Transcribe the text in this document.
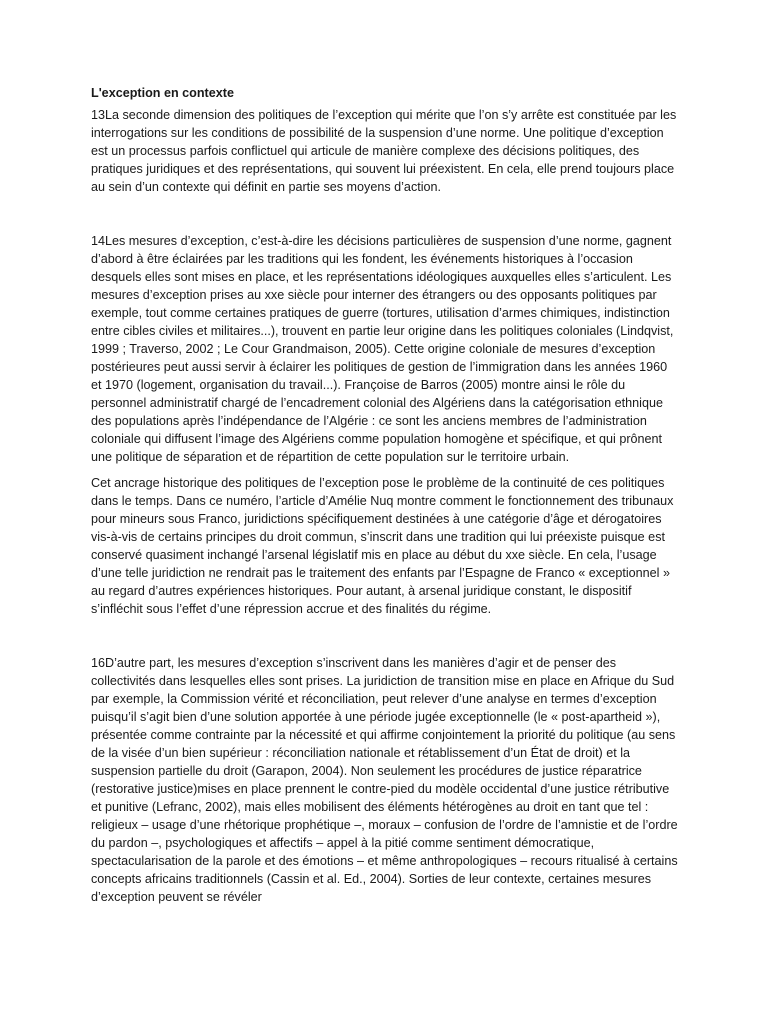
L'exception en contexte

13La seconde dimension des politiques de l’exception qui mérite que l’on s’y arrête est constituée par les interrogations sur les conditions de possibilité de la suspension d’une norme. Une politique d’exception est un processus parfois conflictuel qui articule de manière complexe des décisions politiques, des pratiques juridiques et des représentations, qui souvent lui préexistent. En cela, elle prend toujours place au sein d’un contexte qui définit en partie ses moyens d’action.

14Les mesures d’exception, c’est-à-dire les décisions particulières de suspension d’une norme, gagnent d’abord à être éclairées par les traditions qui les fondent, les événements historiques à l’occasion desquels elles sont mises en place, et les représentations idéologiques auxquelles elles s’articulent. Les mesures d’exception prises au xxe siècle pour interner des étrangers ou des opposants politiques par exemple, tout comme certaines pratiques de guerre (tortures, utilisation d’armes chimiques, indistinction entre cibles civiles et militaires...), trouvent en partie leur origine dans les politiques coloniales (Lindqvist, 1999 ; Traverso, 2002 ; Le Cour Grandmaison, 2005). Cette origine coloniale de mesures d’exception postérieures peut aussi servir à éclairer les politiques de gestion de l’immigration dans les années 1960 et 1970 (logement, organisation du travail...). Françoise de Barros (2005) montre ainsi le rôle du personnel administratif chargé de l’encadrement colonial des Algériens dans la catégorisation ethnique des populations après l’indépendance de l’Algérie : ce sont les anciens membres de l’administration coloniale qui diffusent l’image des Algériens comme population homogène et spécifique, et qui prônent une politique de séparation et de répartition de cette population sur le territoire urbain.

Cet ancrage historique des politiques de l’exception pose le problème de la continuité de ces politiques dans le temps. Dans ce numéro, l’article d’Amélie Nuq montre comment le fonctionnement des tribunaux pour mineurs sous Franco, juridictions spécifiquement destinées à une catégorie d’âge et dérogatoires vis-à-vis de certains principes du droit commun, s’inscrit dans une tradition qui lui préexiste puisque est conservé quasiment inchangé l’arsenal législatif mis en place au début du xxe siècle. En cela, l’usage d’une telle juridiction ne rendrait pas le traitement des enfants par l’Espagne de Franco « exceptionnel » au regard d’autres expériences historiques. Pour autant, à arsenal juridique constant, le dispositif s’infléchit sous l’effet d’une répression accrue et des finalités du régime.

16D’autre part, les mesures d’exception s’inscrivent dans les manières d’agir et de penser des collectivités dans lesquelles elles sont prises. La juridiction de transition mise en place en Afrique du Sud par exemple, la Commission vérité et réconciliation, peut relever d’une analyse en termes d’exception puisqu’il s’agit bien d’une solution apportée à une période jugée exceptionnelle (le « post-apartheid »), présentée comme contrainte par la nécessité et qui affirme conjointement la priorité du politique (au sens de la visée d’un bien supérieur : réconciliation nationale et rétablissement d’un État de droit) et la suspension partielle du droit (Garapon, 2004). Non seulement les procédures de justice réparatrice (restorative justice)mises en place prennent le contre-pied du modèle occidental d’une justice rétributive et punitive (Lefranc, 2002), mais elles mobilisent des éléments hétérogènes au droit en tant que tel : religieux – usage d’une rhétorique prophétique –, moraux – confusion de l’ordre de l’amnistie et de l’ordre du pardon –, psychologiques et affectifs – appel à la pitié comme sentiment démocratique, spectacularisation de la parole et des émotions – et même anthropologiques – recours ritualisé à certains concepts africains traditionnels (Cassin et al. Ed., 2004). Sorties de leur contexte, certaines mesures d’exception peuvent se révéler
